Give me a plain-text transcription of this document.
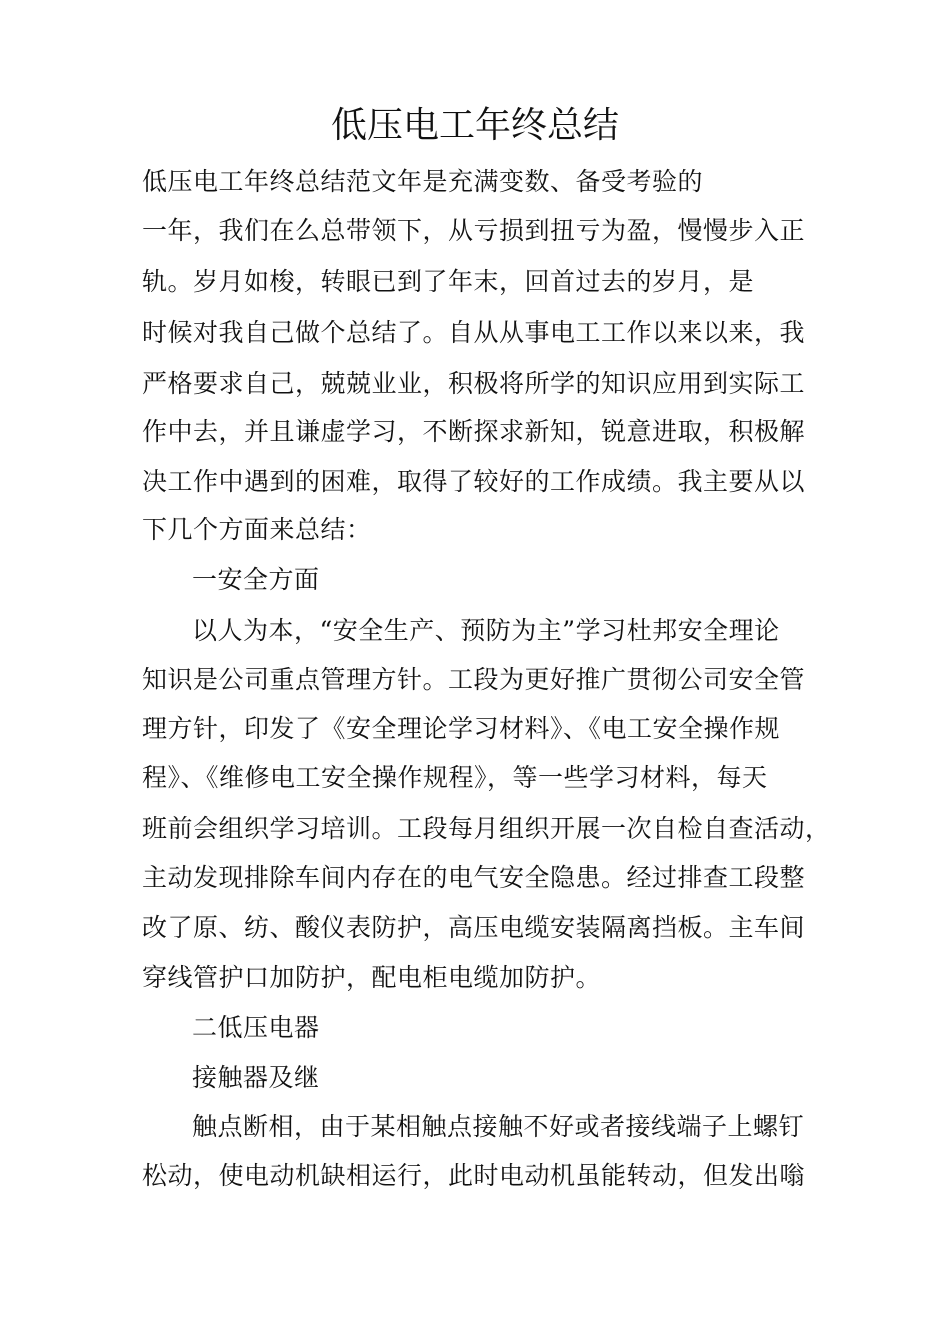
低压电工年终总结
低压电工年终总结范文年是充满变数、备受考验的
一年，我们在么总带领下，从亏损到扭亏为盈，慢慢步入正
轨。岁月如梭，转眼已到了年末，回首过去的岁月，是
时候对我自己做个总结了。自从从事电工工作以来以来，我
严格要求自己，兢兢业业，积极将所学的知识应用到实际工
作中去，并且谦虚学习，不断探求新知，锐意进取，积极解
决工作中遇到的困难，取得了较好的工作成绩。我主要从以
下几个方面来总结：
一安全方面
以人为本，“安全生产、预防为主”学习杜邦安全理论
知识是公司重点管理方针。工段为更好推广贯彻公司安全管
理方针，印发了《安全理论学习材料》、《电工安全操作规
程》、《维修电工安全操作规程》，等一些学习材料，每天
班前会组织学习培训。工段每月组织开展一次自检自查活动，
主动发现排除车间内存在的电气安全隐患。经过排查工段整
改了原、纺、酸仪表防护，高压电缆安装隔离挡板。主车间
穿线管护口加防护，配电柜电缆加防护。
二低压电器
接触器及继
触点断相，由于某相触点接触不好或者接线端子上螺钉
松动，使电动机缺相运行，此时电动机虽能转动，但发出嗡
